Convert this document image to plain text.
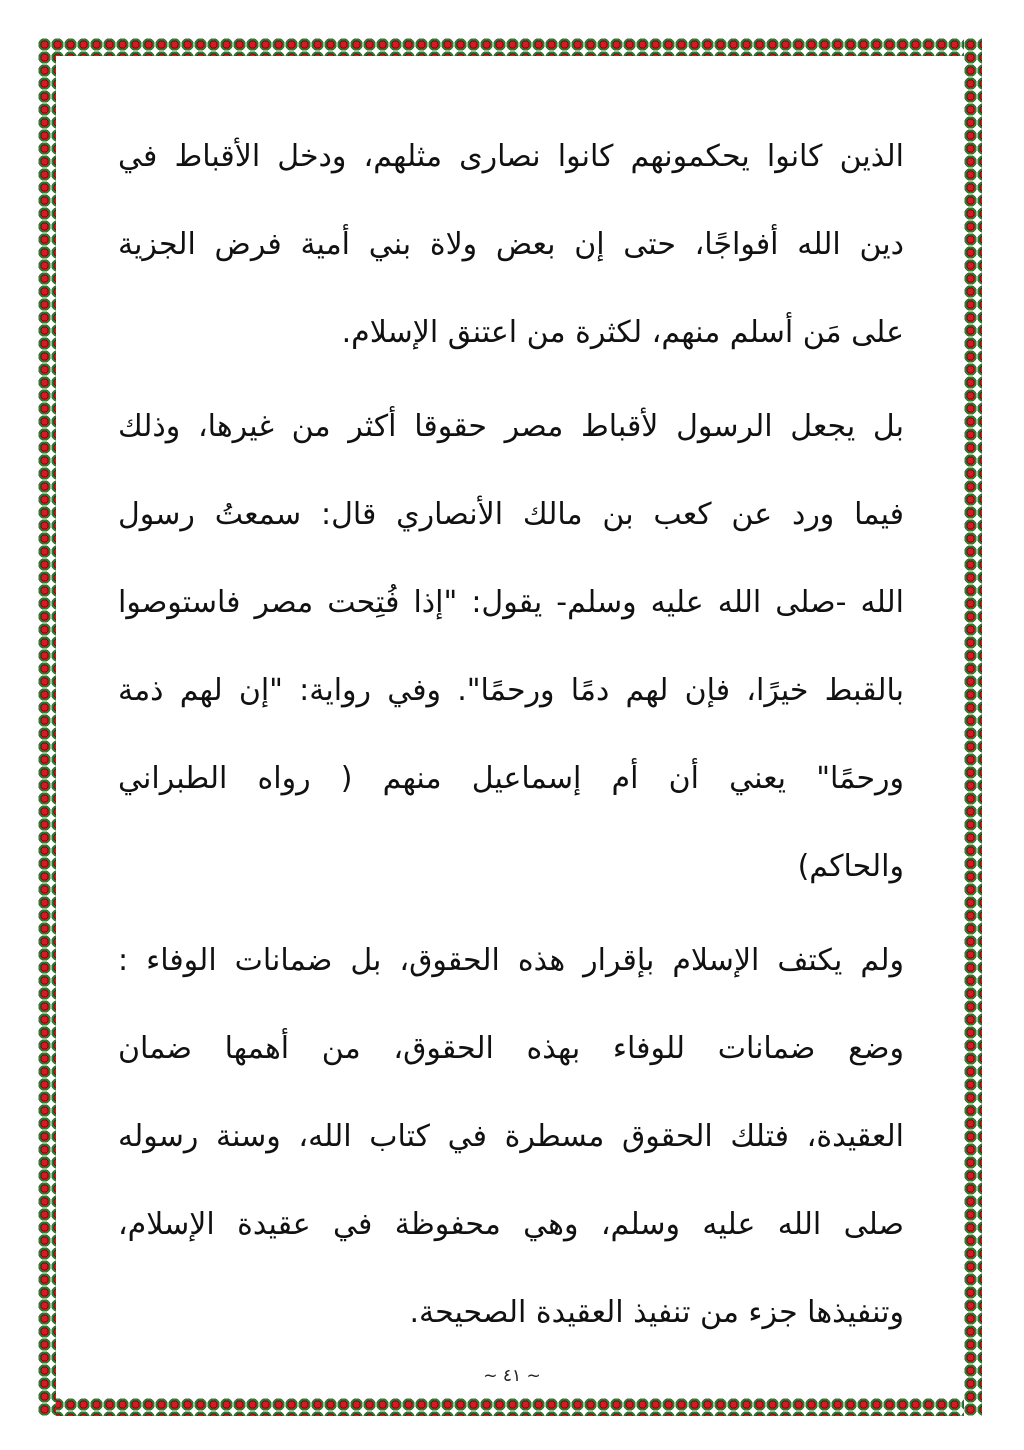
الذين كانوا يحكمونهم كانوا نصارى مثلهم، ودخل الأقباط في
دين الله أفواجًا، حتى إن بعض ولاة بني أمية فرض الجزية
على مَن أسلم منهم، لكثرة من اعتنق الإسلام.
بل يجعل الرسول لأقباط مصر حقوقا أكثر من غيرها، وذلك
فيما ورد عن كعب بن مالك الأنصاري قال: سمعتُ رسول
الله -صلى الله عليه وسلم- يقول: "إذا فُتِحت مصر فاستوصوا
بالقبط خيرًا، فإن لهم دمًا ورحمًا". وفي رواية: "إن لهم ذمة
ورحمًا" يعني أن أم إسماعيل منهم ( رواه الطبراني
والحاكم)
ولم يكتف الإسلام بإقرار هذه الحقوق، بل ضمانات الوفاء :
وضع ضمانات للوفاء بهذه الحقوق، من أهمها ضمان
العقيدة، فتلك الحقوق مسطرة في كتاب الله، وسنة رسوله
صلى الله عليه وسلم، وهي محفوظة في عقيدة الإسلام،
وتنفيذها جزء من تنفيذ العقيدة الصحيحة.
~ ٤١ ~
